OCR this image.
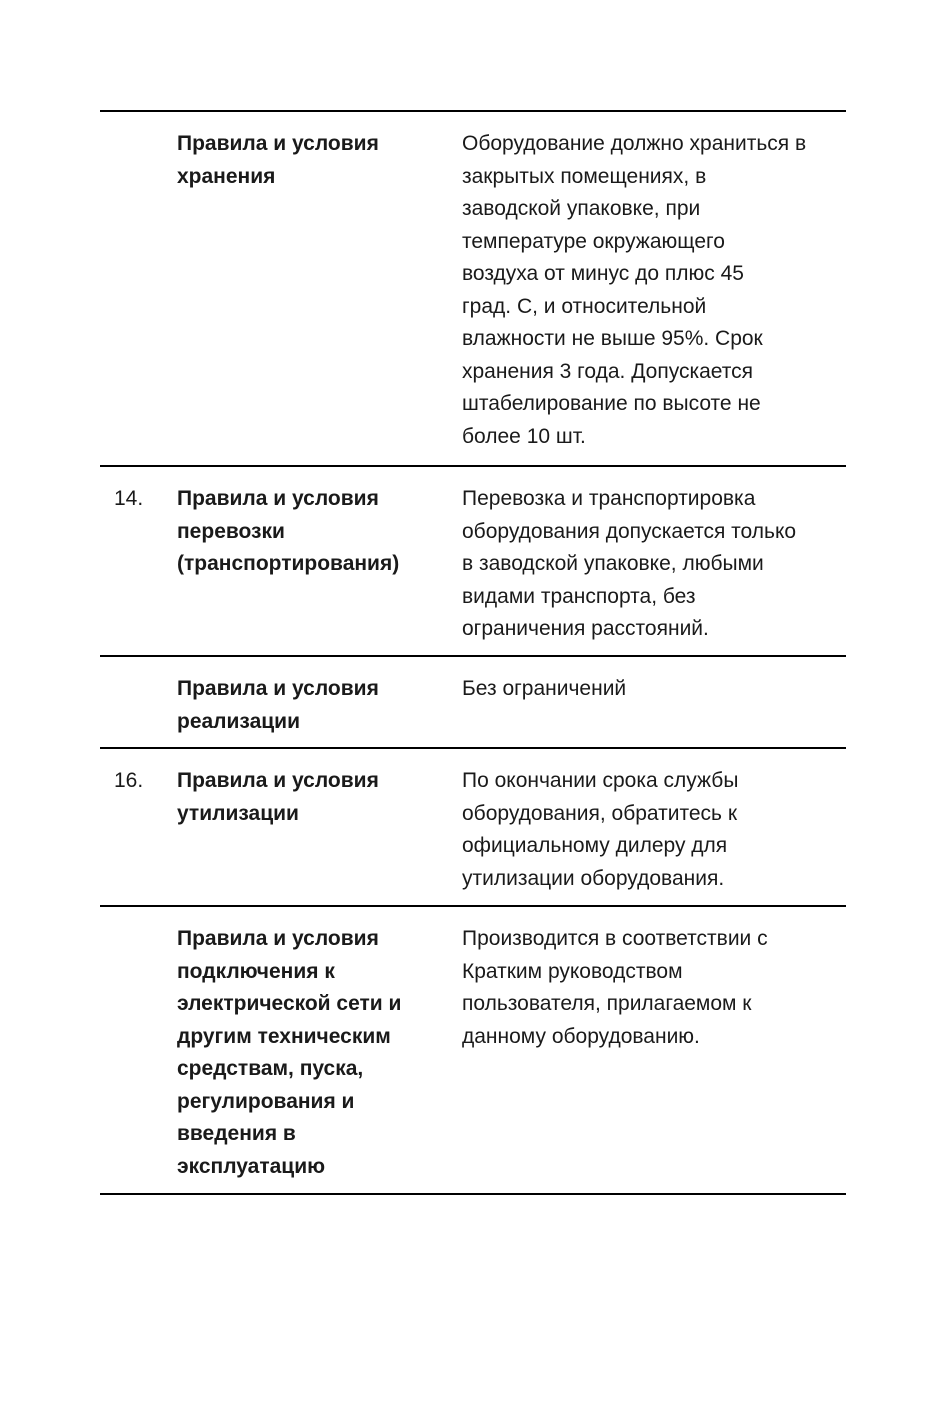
Правила и условия
хранения
Оборудование должно храниться в
закрытых помещениях, в
заводской упаковке, при
температуре окружающего
воздуха от минус до плюс 45
град. С, и относительной
влажности не выше 95%. Срок
хранения 3 года. Допускается
штабелирование по высоте не
более 10 шт.
14.	Правила и условия
перевозки
(транспортирования)
Перевозка и транспортировка
оборудования допускается только
в заводской упаковке, любыми
видами транспорта, без
ограничения расстояний.
Правила и условия
реализации
Без ограничений
16.	Правила и условия
утилизации
По окончании срока службы
оборудования, обратитесь к
официальному дилеру для
утилизации оборудования.
Правила и условия
подключения к
электрической сети и
другим техническим
средствам, пуска,
регулирования и
введения в
эксплуатацию
Производится в соответствии с
Кратким руководством
пользователя, прилагаемом к
данному оборудованию.
